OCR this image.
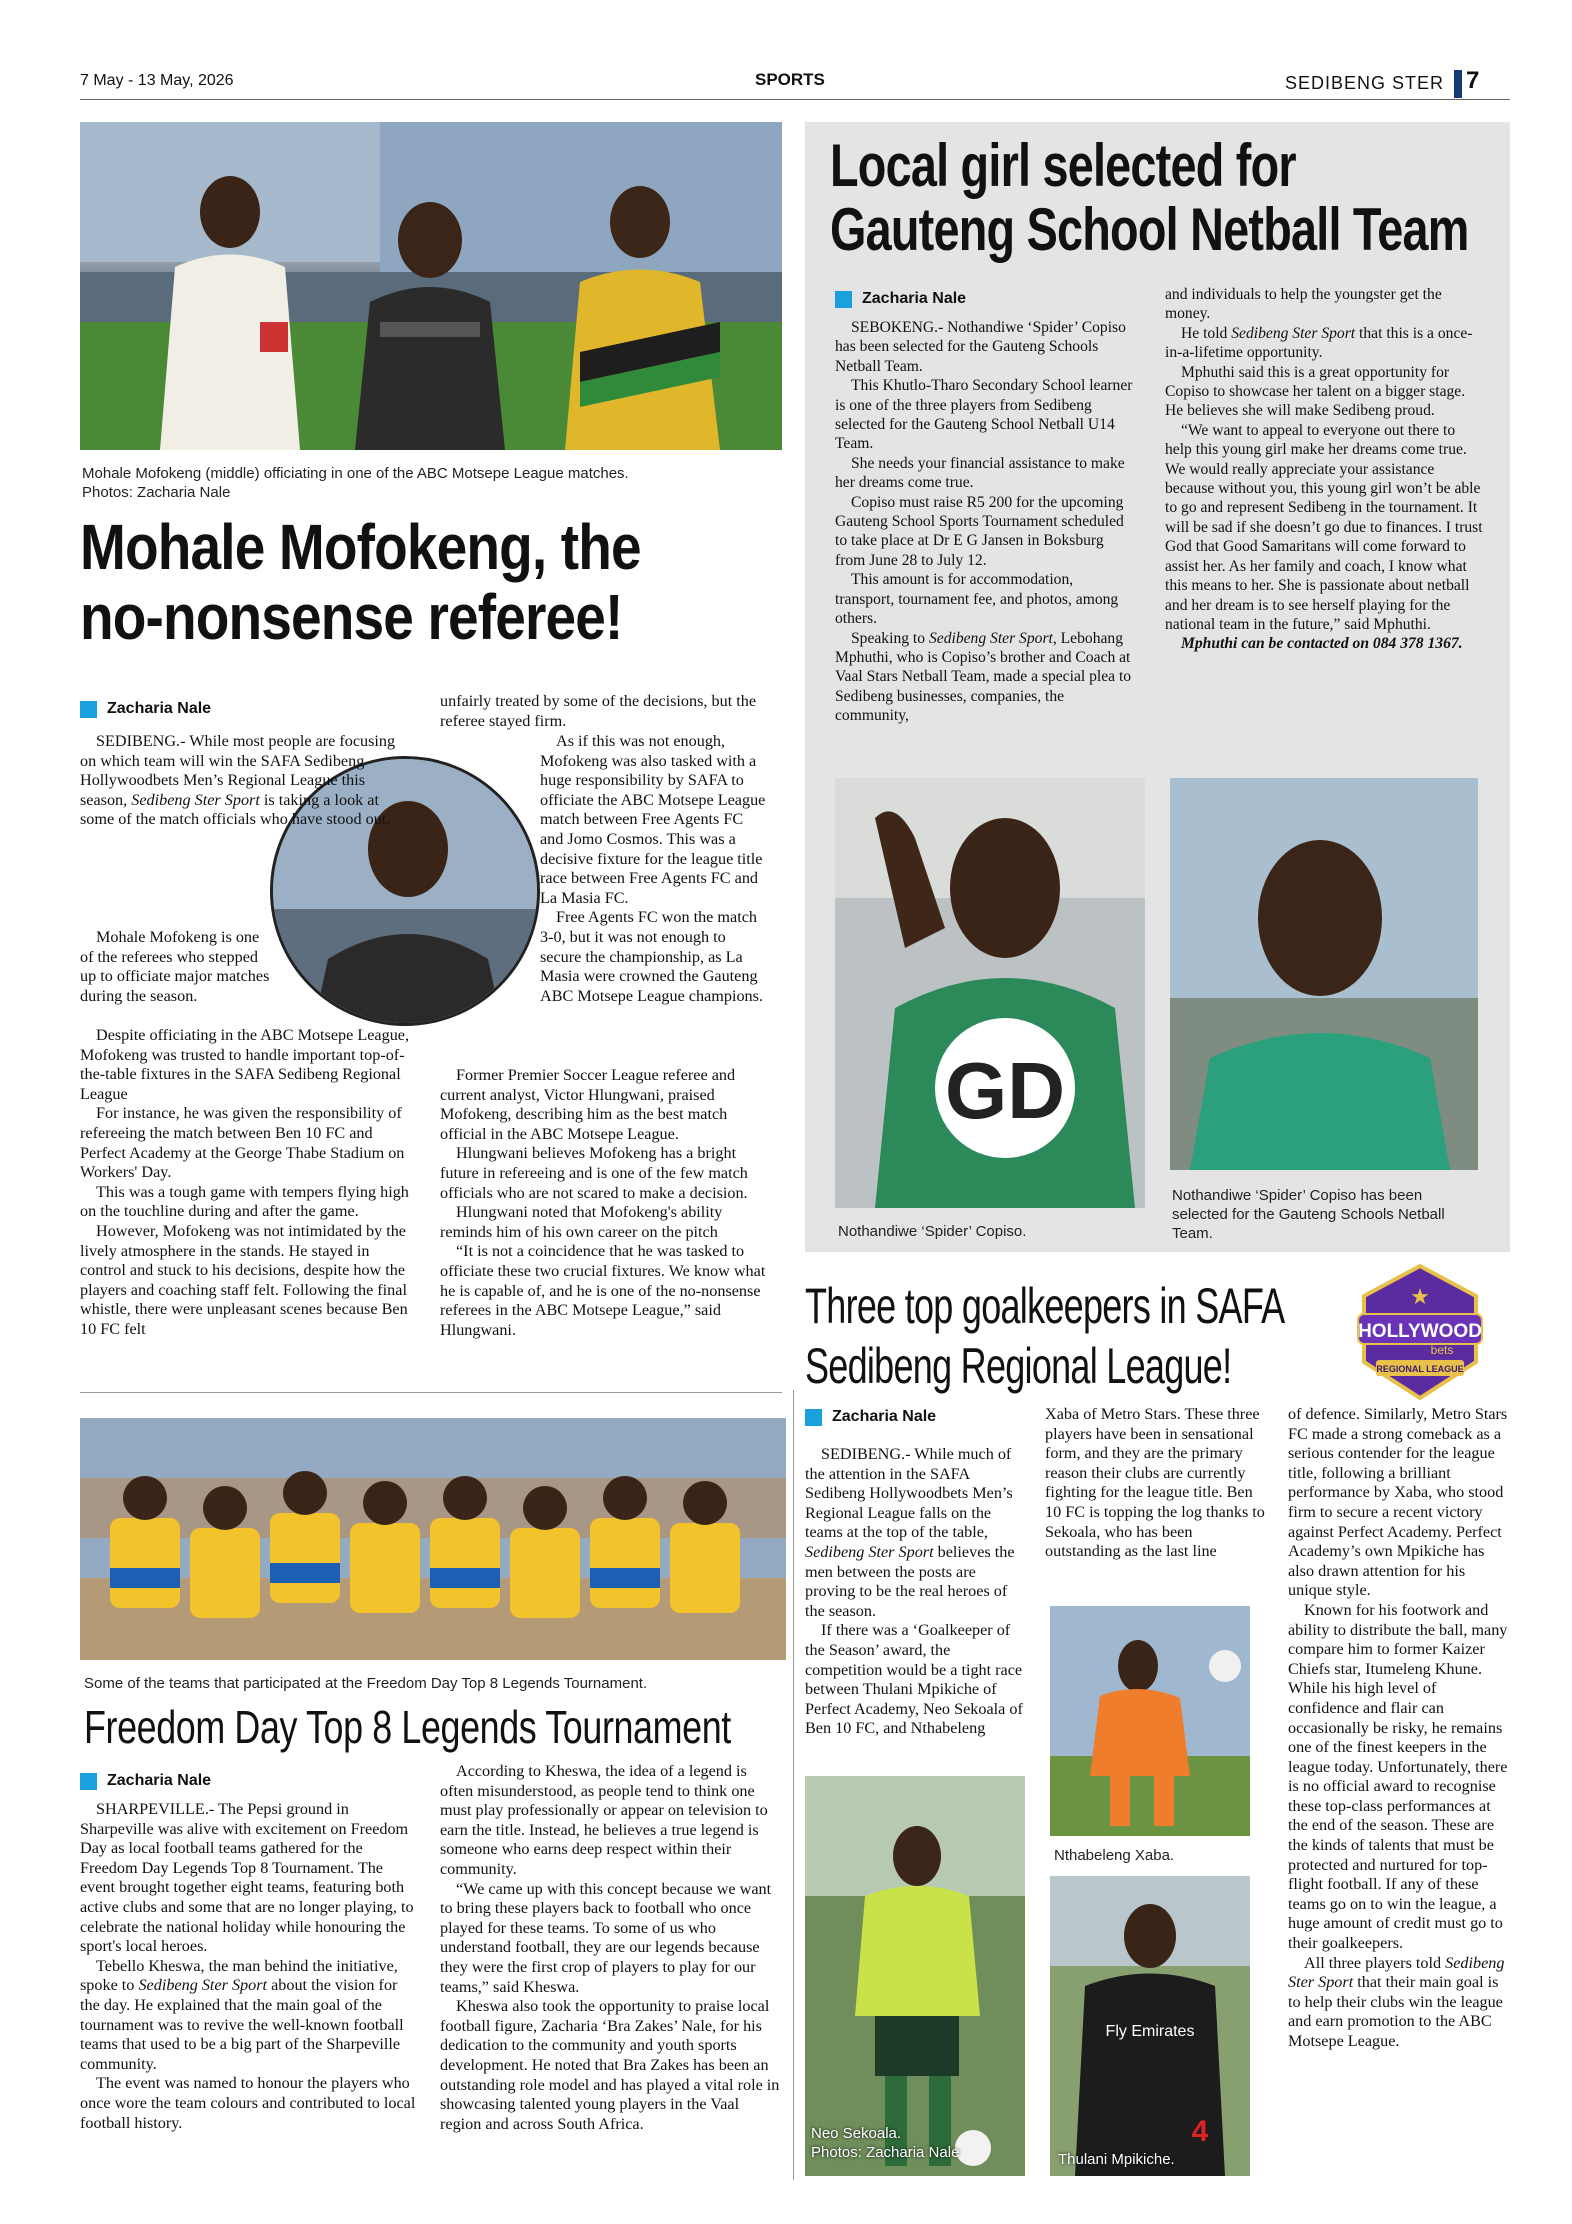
7 May - 13 May, 2026	SPORTS	SEDIBENG STER 7
Mohale Mofokeng (middle) officiating in one of the ABC Motsepe League matches.
Photos: Zacharia Nale
Mohale Mofokeng, the
no-nonsense referee!
Zacharia Nale

SEDIBENG.- While most people are focusing on which team will win the SAFA Sedibeng Hollywoodbets Men’s Regional League this season, Sedibeng Ster Sport is taking a look at some of the match officials who have stood out.

Mohale Mofokeng is one of the referees who stepped up to officiate major matches during the season.

Despite officiating in the ABC Motsepe League, Mofokeng was trusted to handle important top-of-the-table fixtures in the SAFA Sedibeng Regional League

For instance, he was given the responsibility of refereeing the match between Ben 10 FC and Perfect Academy at the George Thabe Stadium on Workers' Day.

This was a tough game with tempers flying high on the touchline during and after the game.

However, Mofokeng was not intimidated by the lively atmosphere in the stands. He stayed in control and stuck to his decisions, despite how the players and coaching staff felt. Following the final whistle, there were unpleasant scenes because Ben 10 FC felt

unfairly treated by some of the decisions, but the referee stayed firm.

As if this was not enough, Mofokeng was also tasked with a huge responsibility by SAFA to officiate the ABC Motsepe League match between Free Agents FC and Jomo Cosmos. This was a decisive fixture for the league title race between Free Agents FC and La Masia FC.

Free Agents FC won the match 3-0, but it was not enough to secure the championship, as La Masia were crowned the Gauteng ABC Motsepe League champions.

Former Premier Soccer League referee and current analyst, Victor Hlungwani, praised Mofokeng, describing him as the best match official in the ABC Motsepe League.

Hlungwani believes Mofokeng has a bright future in refereeing and is one of the few match officials who are not scared to make a decision.

Hlungwani noted that Mofokeng's ability reminds him of his own career on the pitch

“It is not a coincidence that he was tasked to officiate these two crucial fixtures. We know what he is capable of, and he is one of the no-nonsense referees in the ABC Motsepe League,” said Hlungwani.

Local girl selected for
Gauteng School Netball Team
Zacharia Nale

SEBOKENG.- Nothandiwe ‘Spider’ Copiso has been selected for the Gauteng Schools Netball Team.

This Khutlo-Tharo Secondary School learner is one of the three players from Sedibeng selected for the Gauteng School Netball U14 Team.

She needs your financial assistance to make her dreams come true.

Copiso must raise R5 200 for the upcoming Gauteng School Sports Tournament scheduled to take place at Dr E G Jansen in Boksburg from June 28 to July 12.

This amount is for accommodation, transport, tournament fee, and photos, among others.

Speaking to Sedibeng Ster Sport, Lebohang Mphuthi, who is Copiso’s brother and Coach at Vaal Stars Netball Team, made a special plea to Sedibeng businesses, companies, the community,

and individuals to help the youngster get the money.

He told Sedibeng Ster Sport that this is a once-in-a-lifetime opportunity.

Mphuthi said this is a great opportunity for Copiso to showcase her talent on a bigger stage. He believes she will make Sedibeng proud.

“We want to appeal to everyone out there to help this young girl make her dreams come true. We would really appreciate your assistance because without you, this young girl won’t be able to go and represent Sedibeng in the tournament. It will be sad if she doesn’t go due to finances. I trust God that Good Samaritans will come forward to assist her. As her family and coach, I know what this means to her. She is passionate about netball and her dream is to see herself playing for the national team in the future,” said Mphuthi.

Mphuthi can be contacted on 084 378 1367.

GD
Nothandiwe ‘Spider’ Copiso.
Nothandiwe ‘Spider’ Copiso has been selected for the Gauteng Schools Netball Team.
Some of the teams that participated at the Freedom Day Top 8 Legends Tournament.
Freedom Day Top 8 Legends Tournament
Zacharia Nale

SHARPEVILLE.- The Pepsi ground in Sharpeville was alive with excitement on Freedom Day as local football teams gathered for the Freedom Day Legends Top 8 Tournament. The event brought together eight teams, featuring both active clubs and some that are no longer playing, to celebrate the national holiday while honouring the sport's local heroes.

Tebello Kheswa, the man behind the initiative, spoke to Sedibeng Ster Sport about the vision for the day. He explained that the main goal of the tournament was to revive the well-known football teams that used to be a big part of the Sharpeville community.

The event was named to honour the players who once wore the team colours and contributed to local football history.

According to Kheswa, the idea of a legend is often misunderstood, as people tend to think one must play professionally or appear on television to earn the title. Instead, he believes a true legend is someone who earns deep respect within their community.

“We came up with this concept because we want to bring these players back to football who once played for these teams. To some of us who understand football, they are our legends because they were the first crop of players to play for our teams,” said Kheswa.

Kheswa also took the opportunity to praise local football figure, Zacharia ‘Bra Zakes’ Nale, for his dedication to the community and youth sports development. He noted that Bra Zakes has been an outstanding role model and has played a vital role in showcasing talented young players in the Vaal region and across South Africa.

Three top goalkeepers in SAFA
Sedibeng Regional League!
HOLLYWOOD
bets
REGIONAL LEAGUE
★
Zacharia Nale

SEDIBENG.- While much of the attention in the SAFA Sedibeng Hollywoodbets Men’s Regional League falls on the teams at the top of the table, Sedibeng Ster Sport believes the men between the posts are proving to be the real heroes of the season.

If there was a ‘Goalkeeper of the Season’ award, the competition would be a tight race between Thulani Mpikiche of Perfect Academy, Neo Sekoala of Ben 10 FC, and Nthabeleng

Xaba of Metro Stars. These three players have been in sensational form, and they are the primary reason their clubs are currently fighting for the league title. Ben 10 FC is topping the log thanks to Sekoala, who has been outstanding as the last line

of defence. Similarly, Metro Stars FC made a strong comeback as a serious contender for the league title, following a brilliant performance by Xaba, who stood firm to secure a recent victory against Perfect Academy. Perfect Academy’s own Mpikiche has also drawn attention for his unique style.

Known for his footwork and ability to distribute the ball, many compare him to former Kaizer Chiefs star, Itumeleng Khune. While his high level of confidence and flair can occasionally be risky, he remains one of the finest keepers in the league today. Unfortunately, there is no official award to recognise these top-class performances at the end of the season. These are the kinds of talents that must be protected and nurtured for top-flight football. If any of these teams go on to win the league, a huge amount of credit must go to their goalkeepers.

All three players told Sedibeng Ster Sport that their main goal is to help their clubs win the league and earn promotion to the ABC Motsepe League.

Neo Sekoala.
Photos: Zacharia Nale
Nthabeleng Xaba.
Fly Emirates
4
Thulani Mpikiche.
